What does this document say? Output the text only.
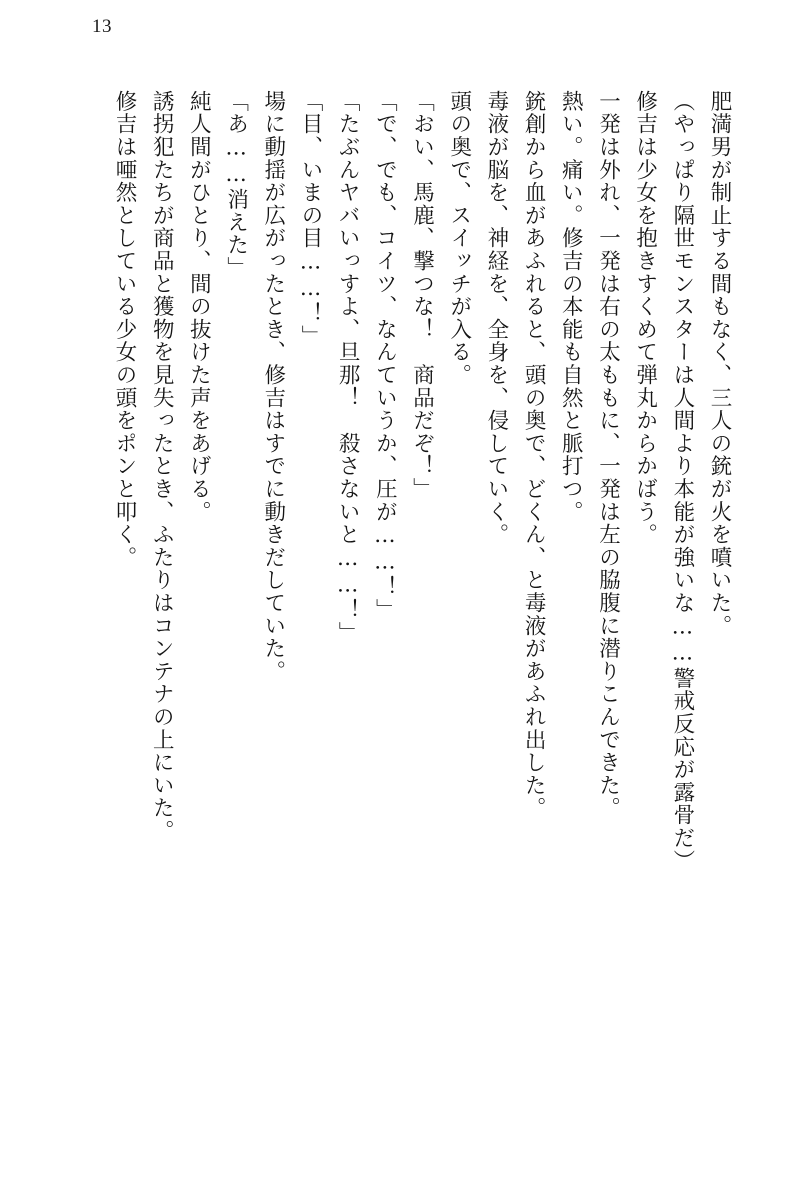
13

肥満男が制止する間もなく、三人の銃が火を噴いた。

（やっぱり隔世モンスターは人間より本能が強いな……警戒反応が露骨だ）

修吉は少女を抱きすくめて弾丸からかばう。

一発は外れ、一発は右の太ももに、一発は左の脇腹に潜りこんできた。

熱い。痛い。修吉の本能も自然と脈打つ。

銃創から血があふれると、頭の奥で、どくん、と毒液があふれ出した。

毒液が脳を、神経を、全身を、侵していく。

頭の奥で、スイッチが入る。

「おい、馬鹿、撃つな！　商品だぞ！」

「で、でも、コイツ、なんていうか、圧が……！」

「たぶんヤバいっすよ、旦那！　殺さないと……！」

「目、いまの目……！」

場に動揺が広がったとき、修吉はすでに動きだしていた。

「あ……消えた」

純人間がひとり、間の抜けた声をあげる。

誘拐犯たちが商品と獲物を見失ったとき、ふたりはコンテナの上にいた。

修吉は唖然としている少女の頭をポンと叩く。
